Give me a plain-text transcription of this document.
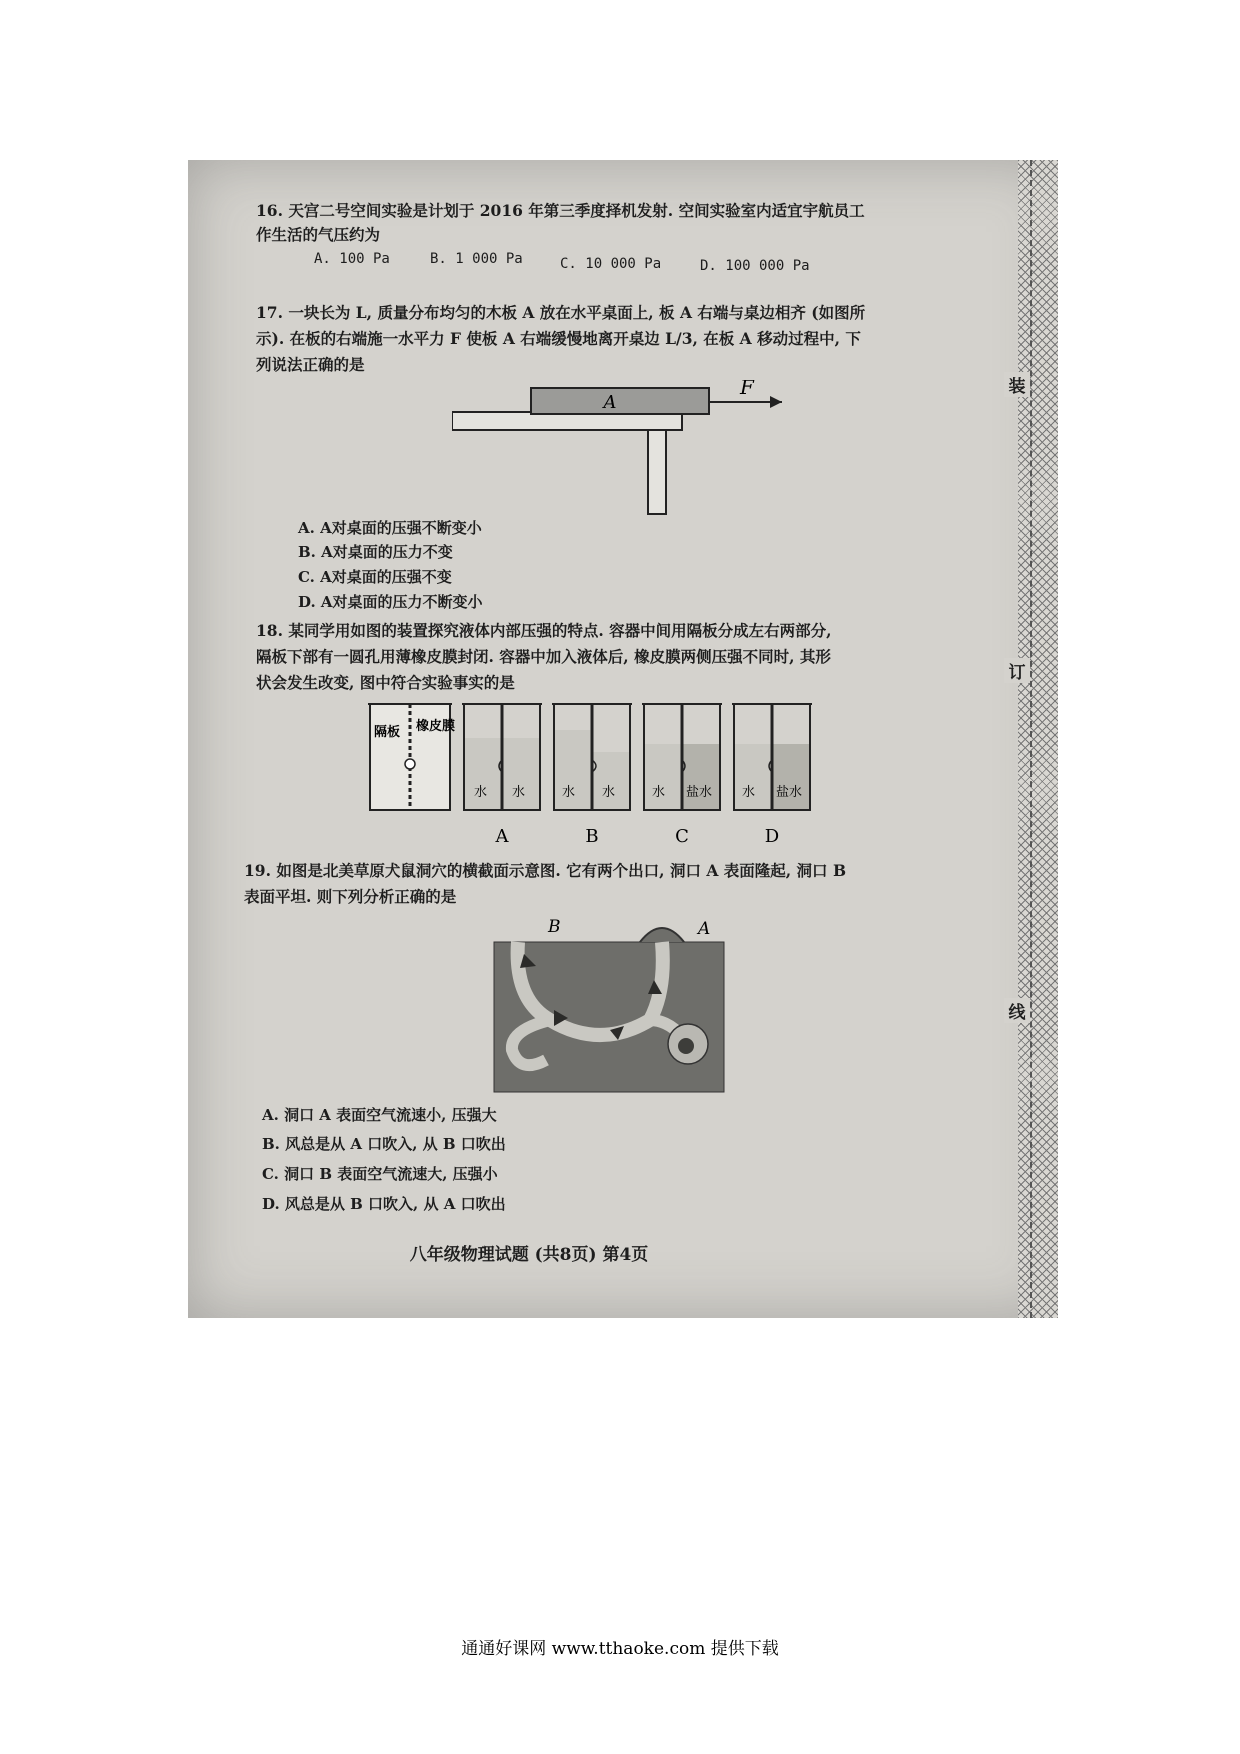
装
订
线
16. 天宫二号空间实验是计划于 2016 年第三季度择机发射. 空间实验室内适宜宇航员工
作生活的气压约为
A. 100 Pa	B. 1 000 Pa	C. 10 000 Pa	D. 100 000 Pa
17. 一块长为 L, 质量分布均匀的木板 A 放在水平桌面上, 板 A 右端与桌边相齐 (如图所
示). 在板的右端施一水平力 F 使板 A 右端缓慢地离开桌边 L/3, 在板 A 移动过程中, 下
列说法正确的是
A
F
A. A对桌面的压强不断变小
B. A对桌面的压力不变
C. A对桌面的压强不变
D. A对桌面的压力不断变小
18. 某同学用如图的装置探究液体内部压强的特点. 容器中间用隔板分成左右两部分,
隔板下部有一圆孔用薄橡皮膜封闭. 容器中加入液体后, 橡皮膜两侧压强不同时, 其形
状会发生改变, 图中符合实验事实的是
隔板 橡皮膜
水 水
A
水 水
B
水 盐水
C
水 盐水
D
19. 如图是北美草原犬鼠洞穴的横截面示意图. 它有两个出口, 洞口 A 表面隆起, 洞口 B
表面平坦. 则下列分析正确的是
B	A
A. 洞口 A 表面空气流速小, 压强大
B. 风总是从 A 口吹入, 从 B 口吹出
C. 洞口 B 表面空气流速大, 压强小
D. 风总是从 B 口吹入, 从 A 口吹出
八年级物理试题 (共8页) 第4页
通通好课网 www.tthaoke.com 提供下载
